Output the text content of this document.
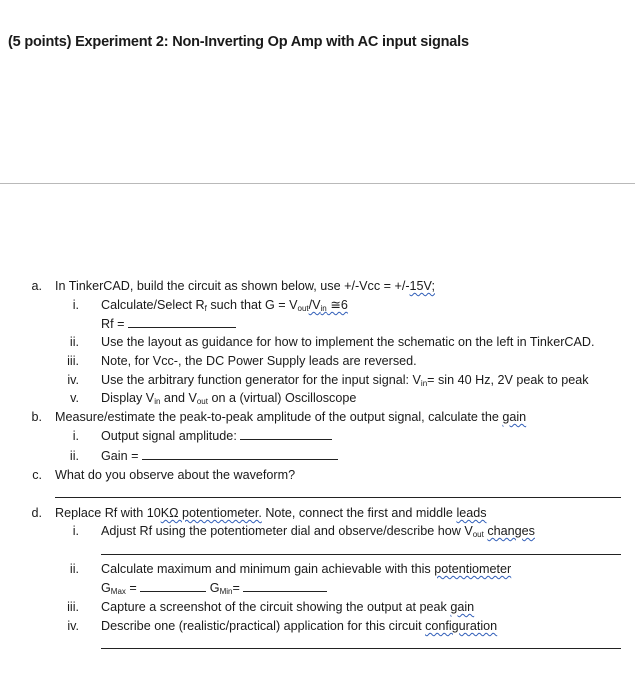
(5 points) Experiment 2: Non-Inverting Op Amp with AC input signals
a. In TinkerCAD, build the circuit as shown below, use +/-Vcc = +/-15V;
i. Calculate/Select $R_f$ such that $G = V_{out}/V_{in}$ ≅6
Rf =
ii. Use the layout as guidance for how to implement the schematic on the left in TinkerCAD.
iii. Note, for Vcc-, the DC Power Supply leads are reversed.
iv. Use the arbitrary function generator for the input signal: $V_{in}= \sin 40$ Hz, 2V peak to peak
v. Display $V_{in}$ and $V_{out}$ on a (virtual) Oscilloscope
b. Measure/estimate the peak-to-peak amplitude of the output signal, calculate the gain
i. Output signal amplitude:
ii. Gain =
c. What do you observe about the waveform?
d. Replace Rf with 10KΩ potentiometer. Note, connect the first and middle leads
i. Adjust Rf using the potentiometer dial and observe/describe how $V_{out}$ changes
ii. Calculate maximum and minimum gain achievable with this potentiometer
$G_{Max}$ =	$G_{Min}=$
iii. Capture a screenshot of the circuit showing the output at peak gain
iv. Describe one (realistic/practical) application for this circuit configuration
